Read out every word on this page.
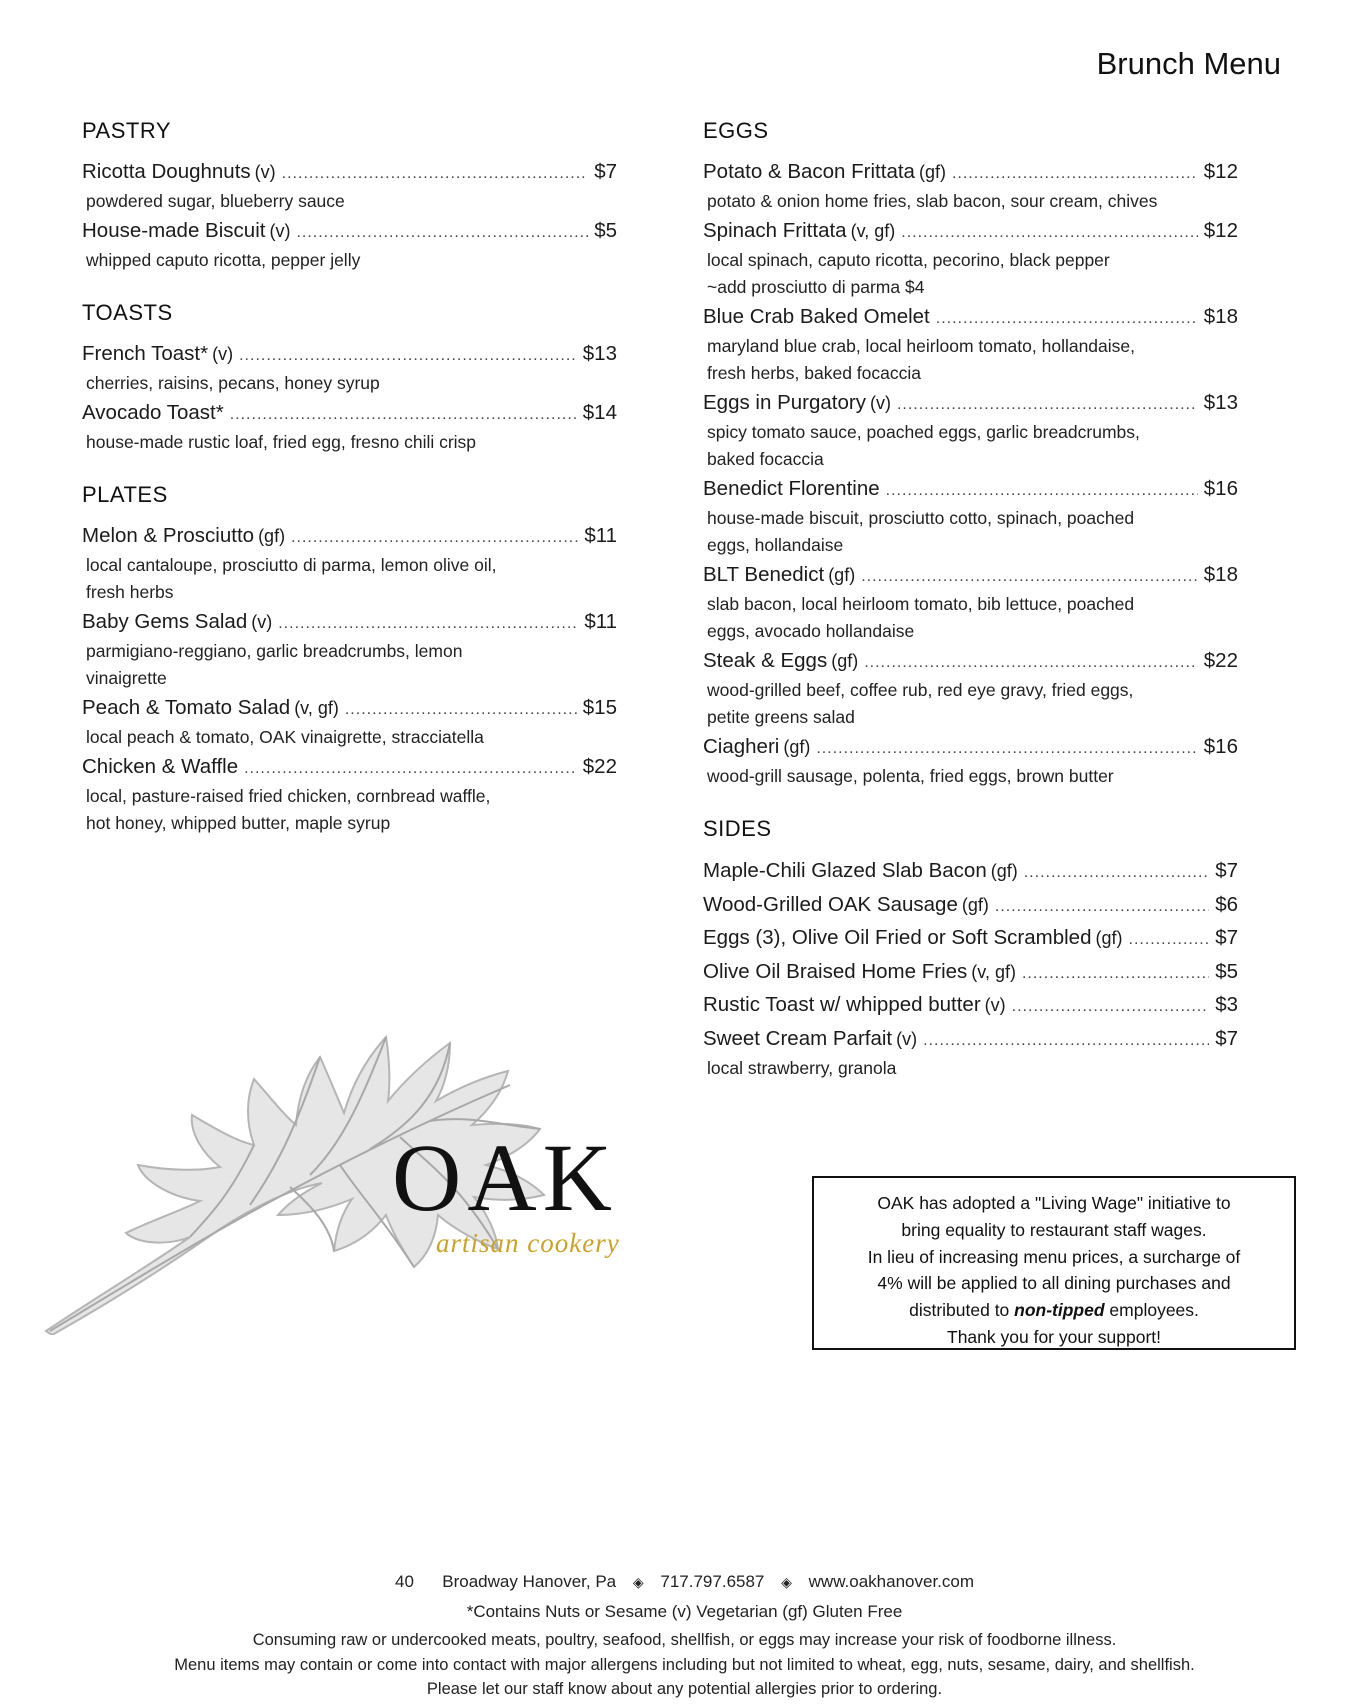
Brunch Menu
PASTRY
Ricotta Doughnuts (v) .....	$7
powdered sugar, blueberry sauce
House-made Biscuit (v) .....	$5
whipped caputo ricotta, pepper jelly
TOASTS
French Toast* (v) .....	$13
cherries, raisins, pecans, honey syrup
Avocado Toast* .....	$14
house-made rustic loaf, fried egg, fresno chili crisp
PLATES
Melon & Prosciutto (gf) .....	$11
local cantaloupe, prosciutto di parma, lemon olive oil,
fresh herbs
Baby Gems Salad (v) .....	$11
parmigiano-reggiano, garlic breadcrumbs, lemon
vinaigrette
Peach & Tomato Salad (v, gf) .....	$15
local peach & tomato, OAK vinaigrette, stracciatella
Chicken & Waffle .....	$22
local, pasture-raised fried chicken, cornbread waffle,
hot honey, whipped butter, maple syrup
EGGS
Potato & Bacon Frittata (gf) .....	$12
potato & onion home fries, slab bacon, sour cream, chives
Spinach Frittata (v, gf) .....	$12
local spinach, caputo ricotta, pecorino, black pepper
~add prosciutto di parma $4
Blue Crab Baked Omelet .....	$18
maryland blue crab, local heirloom tomato, hollandaise,
fresh herbs, baked focaccia
Eggs in Purgatory (v) .....	$13
spicy tomato sauce, poached eggs, garlic breadcrumbs,
baked focaccia
Benedict Florentine .....	$16
house-made biscuit, prosciutto cotto, spinach, poached
eggs, hollandaise
BLT Benedict (gf) .....	$18
slab bacon, local heirloom tomato, bib lettuce, poached
eggs, avocado hollandaise
Steak & Eggs (gf) .....	$22
wood-grilled beef, coffee rub, red eye gravy, fried eggs,
petite greens salad
Ciagheri (gf) .....	$16
wood-grill sausage, polenta, fried eggs, brown butter
SIDES
Maple-Chili Glazed Slab Bacon (gf) .....	$7
Wood-Grilled OAK Sausage (gf) .....	$6
Eggs (3), Olive Oil Fried or Soft Scrambled (gf) .....	$7
Olive Oil Braised Home Fries (v, gf) .....	$5
Rustic Toast w/ whipped butter (v) .....	$3
Sweet Cream Parfait (v) .....	$7
local strawberry, granola
OAK
artisan cookery
OAK has adopted a "Living Wage" initiative to
bring equality to restaurant staff wages.
In lieu of increasing menu prices, a surcharge of
4% will be applied to all dining purchases and
distributed to non-tipped employees.
Thank you for your support!
40 Broadway Hanover, Pa ◈ 717.797.6587 ◈ www.oakhanover.com
*Contains Nuts or Sesame (v) Vegetarian (gf) Gluten Free
Consuming raw or undercooked meats, poultry, seafood, shellfish, or eggs may increase your risk of foodborne illness.
Menu items may contain or come into contact with major allergens including but not limited to wheat, egg, nuts, sesame, dairy, and shellfish.
Please let our staff know about any potential allergies prior to ordering.
